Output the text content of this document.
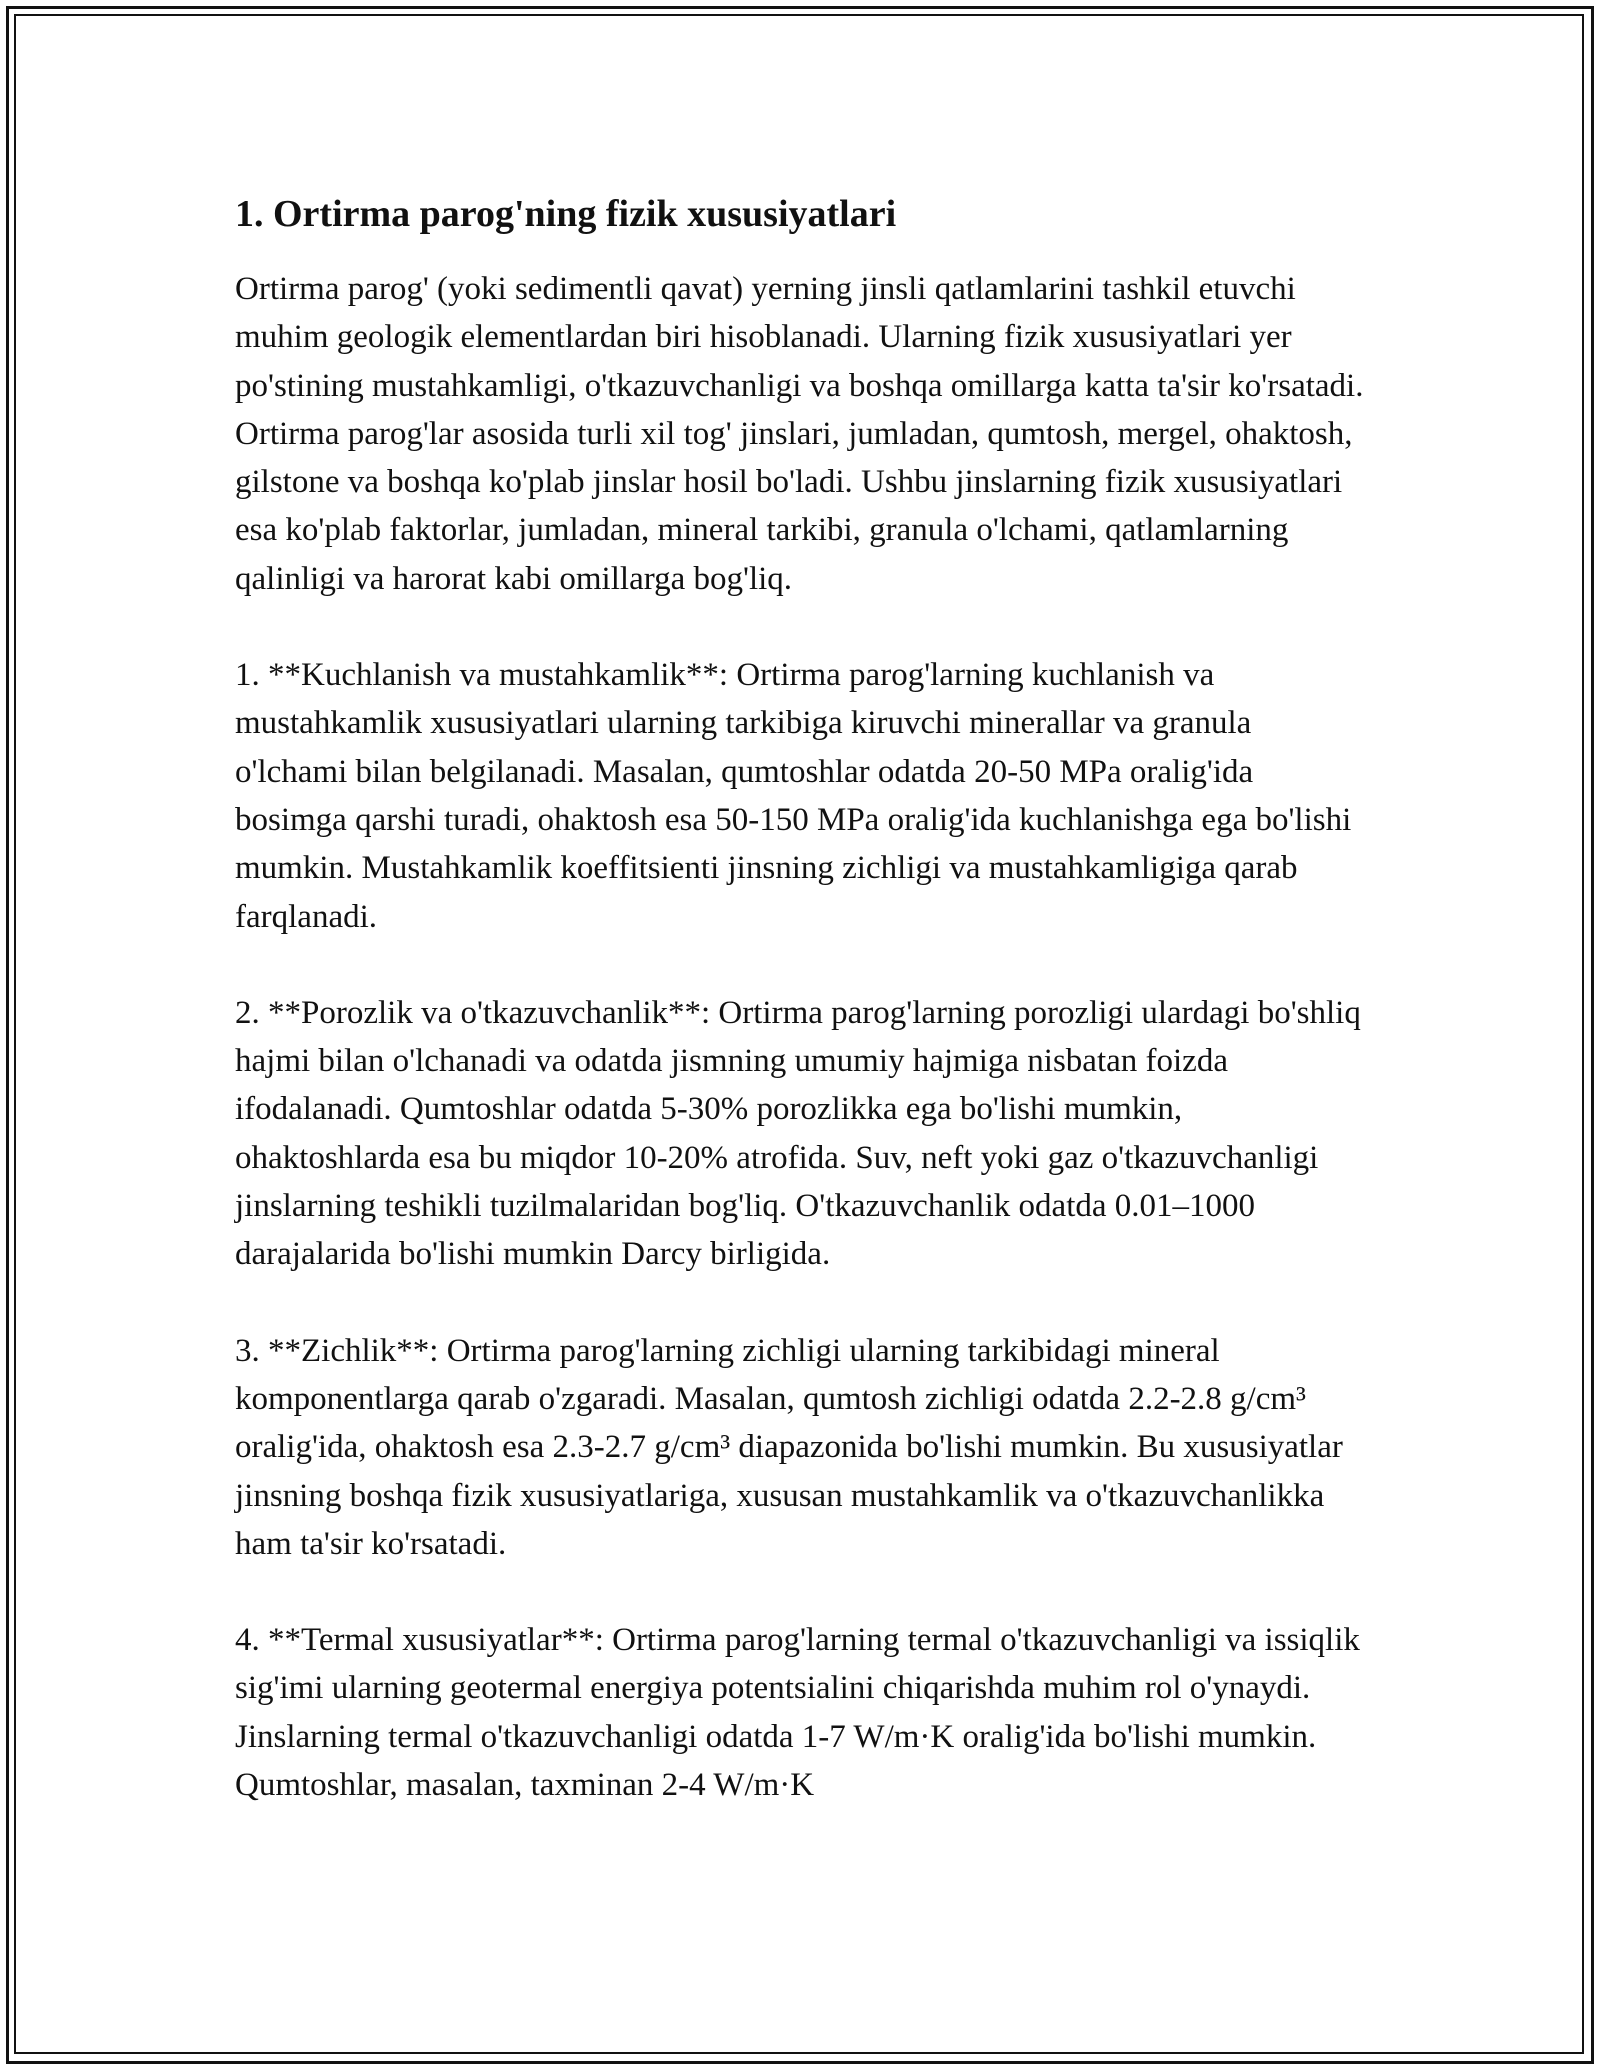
1. Ortirma parog'ning fizik xususiyatlari

Ortirma parog' (yoki sedimentli qavat) yerning jinsli qatlamlarini tashkil etuvchi muhim geologik elementlardan biri hisoblanadi. Ularning fizik xususiyatlari yer po'stining mustahkamligi, o'tkazuvchanligi va boshqa omillarga katta ta'sir ko'rsatadi. Ortirma parog'lar asosida turli xil tog' jinslari, jumladan, qumtosh, mergel, ohaktosh, gilstone va boshqa ko'plab jinslar hosil bo'ladi. Ushbu jinslarning fizik xususiyatlari esa ko'plab faktorlar, jumladan, mineral tarkibi, granula o'lchami, qatlamlarning qalinligi va harorat kabi omillarga bog'liq.

1. **Kuchlanish va mustahkamlik**: Ortirma parog'larning kuchlanish va mustahkamlik xususiyatlari ularning tarkibiga kiruvchi minerallar va granula o'lchami bilan belgilanadi. Masalan, qumtoshlar odatda 20-50 MPa oralig'ida bosimga qarshi turadi, ohaktosh esa 50-150 MPa oralig'ida kuchlanishga ega bo'lishi mumkin. Mustahkamlik koeffitsienti jinsning zichligi va mustahkamligiga qarab farqlanadi.

2. **Porozlik va o'tkazuvchanlik**: Ortirma parog'larning porozligi ulardagi bo'shliq hajmi bilan o'lchanadi va odatda jismning umumiy hajmiga nisbatan foizda ifodalanadi. Qumtoshlar odatda 5-30% porozlikka ega bo'lishi mumkin, ohaktoshlarda esa bu miqdor 10-20% atrofida. Suv, neft yoki gaz o'tkazuvchanligi jinslarning teshikli tuzilmalaridan bog'liq. O'tkazuvchanlik odatda 0.01–1000 darajalarida bo'lishi mumkin Darcy birligida.

3. **Zichlik**: Ortirma parog'larning zichligi ularning tarkibidagi mineral komponentlarga qarab o'zgaradi. Masalan, qumtosh zichligi odatda 2.2-2.8 g/cm³ oralig'ida, ohaktosh esa 2.3-2.7 g/cm³ diapazonida bo'lishi mumkin. Bu xususiyatlar jinsning boshqa fizik xususiyatlariga, xususan mustahkamlik va o'tkazuvchanlikka ham ta'sir ko'rsatadi.

4. **Termal xususiyatlar**: Ortirma parog'larning termal o'tkazuvchanligi va issiqlik sig'imi ularning geotermal energiya potentsialini chiqarishda muhim rol o'ynaydi. Jinslarning termal o'tkazuvchanligi odatda 1-7 W/m·K oralig'ida bo'lishi mumkin. Qumtoshlar, masalan, taxminan 2-4 W/m·K
